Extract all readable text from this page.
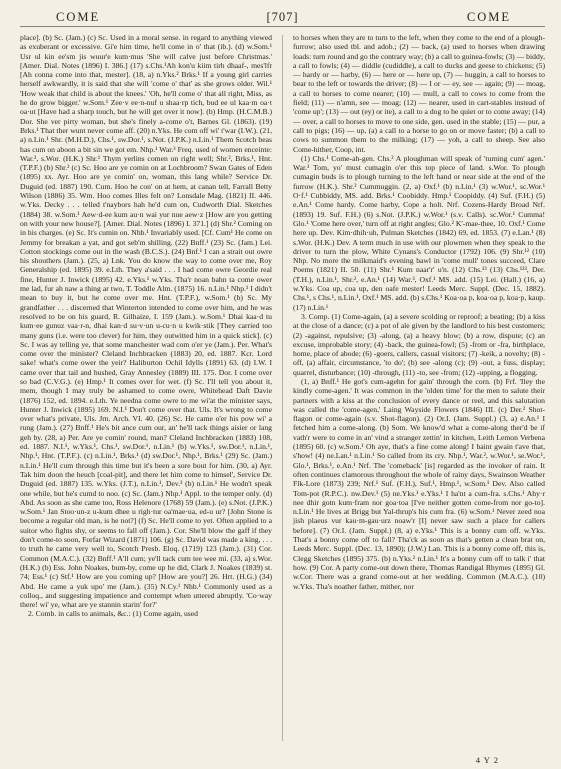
COME	[707]	COME

place]. (b) Sc. (Jam.) (c) Sc. Used in a moral sense. in regard to anything viewed as exuberant or excessive. Gi'e him time, he'll come in o' that (ib.). (d) w.Som.¹ Usr ul kin ee'sm jis wuur'e kum·mus 'She will calve just before Christmas.' [Amer. Dial. Notes (1896) I. 386.] (17) s.Chs.¹Ah kon'u kiim tirh dhaaf-, mes'lfr [Ah conna come into that, mester]. (18, a) n.Yks.² Brks.¹ If a young girl carries herself awkwardly, it is said that she will 'come o' that' as she grows older. Wil.¹ 'How weak that child is about the knees.' 'Oh, he'll come o' that all right, Miss, as he do grow bigger.' w.Som.¹ Zee·v ee·n-nuf u shaa·rp tich, bud ee ul kaa·m oa·t oa·ut [Have had a sharp touch, but he will get over it now]. (b) Hmp. (H.C.M.B.) Dor. She ver pirty woman, but she's finely a-come o't, Barnes Gl. (1863). (19) Brks.¹ That ther wunt never come aff. (20) n.Yks. He com off wi' t'war (I.W.). (21, a) n.Lin.¹ Shr. (M.H.D.), Chs.¹, sw.Dor.¹, s.Not. (J.P.K.) n.Lin.¹ Them Scotch beas has cum on aboon a bit sin we got em. Nhp.¹ War.³ Freq. used of women enceinte: War.³, s.Wor. (H.K.) Shr.¹ Thym yerlins comen on right well; Shr.², Brks.¹, Hnt. (T.P.F.) (b) Shr.² (c) Sc. Hoo are ye comin on at Lochbroom? Swan Gates of Eden (1895) xx. Ayr. Hoo are ye comin' on, woman, this lang while? Service Dr. Duguid (ed. 1887) 190. Cum. Hoo he con' on at hem, at canan tell, Farrall Betty Wilson (1886) 35. Wm. Hoo comes Illes felt on? Lonsdale Mag. (1821) II. 446. w.Yks. Decky . . . telled t'naybors hah he'd cum on, Cudworth Dial. Sketches (1884) 38. w.Som.¹ Aew·d-ee kum au·n wai yur nue aew·z [How are you getting on with your new house?]. [Amer. Dial. Notes (1896) I. 371.] (d) Shr.² Coming on in his charges. (e) Sc. It's cumin on. Nhb.¹ Invariably used. [Cf. Cum¹ He come on Jemmy for breakan a yat, and got seb'm shilling. (22) Bnff.¹ (23) Sc. (Jam.) Lei. Cotton stockings come out in the wash (B.C.S.). (24) Bnf.¹ I can a strait out owre his shouthers (Jam.). (25, a) Lnk. You do know the way to come over me, Roy Generalship (ed. 1895) 39. e.Lth. They a'said . . . I had come owre Geordie real fine, Hunter J. Inwick (1895) 42. e.Yks.¹ w.Yks. Tha'r noan bahn ta come ower me lad, fur ah naw a thing ar two, T. Toddle Alm. (1875) 16. n.Lin.¹ Nhp.¹ I didn't mean to buy it, but he come over me. Hnt. (T.P.F.), w.Som.¹ (b) Sc. My grandfather . . . discerned that Winterton intended to come over him, and he was resolved to be on his guard, R. Gilhaize, I. 159 (Jam.). w.Som.¹ Dhai kaa·d tu kum·ee gunuz vaa·r-n, dhai kan·d su·v·un u-cu·n u kwik·stik [They carried too many guns (i.e. were too clever) for him, they outwitted him in a quick stick]. (c) Sc. I was ay telling ye, that some manchester wad com o'er ye (Jam.). Per. What's come over the minister? Cleland Inchbracken (1883) 20, ed. 1887. Kcr. Lord sake! what's come ower the yeir? Haliburton Ochil Idylls (1891) 63. (d) I.W. I came over that tail and hushed, Gray Annesley (1889) III. 175. Dor. I come over so bad (C.V.G.). (e) Hmp.¹ It comes over for wet. (f) Sc. I'll tell you about it, mem, though I may truly be ashamed to come owre, Whitehead Daft Davie (1876) 152, ed. 1894. e.Lth. Ye needna come owre to me wi'at the minister says, Hunter J. Inwick (1895) 169. N.I.¹ Don't come over that. Uls. It's wrong to come over what's private, Uls. Jrn. Arch. VI. 40. (26) Sc. He came o'er his pow wi' a rung (Jam.). (27) Bnff.¹ He's bit ance cum our, an' he'll tack things aisier or lang geh by. (28, a) Per. Are ye comin' round, man? Cleland Inchbracken (1883) 108, ed. 1887. N.I.¹, w.Yks.¹, Chs.¹, sw.Dor.¹, n.Lin.¹ (b) w.Yks.¹, sw.Dor.¹, n.Lin.¹, Nhp.¹, Hnt. (T.P.F.). (c) n.Lin.¹, Brks.¹ (d) sw.Dor.¹, Nhp.¹, Brks.¹ (29) Sc. (Jam.) n.Lin.¹ He'll cum through this time but it's been a sore bout for him. (30, a) Ayr. Tak him doon the heuch [coal-pit], and there let him come to himsel', Service Dr. Duguid (ed. 1887) 135. w.Yks. (J.T.), n.Lin.¹, Dev.³ (b) n.Lin.¹ He wodn't speak one while, but he's cumd to noo. (c) Sc. (Jam.) Nhp.¹ Appl. to the temper only. (d) Abd. As soon as she came too, Ross Helenore (1768) 59 (Jam.). (e) s.Not. (J.P.K.) w.Som.¹ Jan Stoo·un-z u-kum dhee u righ·tur oa'mae·ua, ed-u ur? [John Stone is become a regular old man, is he not?] (f) Sc. He'll come to yet. Often applied to a suitor who fights shy, or seems to fall off (Jam.). Cor. She'll blow the gaff if they don't come-to soon, Forfar Wizard (1871) 106. (g) Sc. David was made a king, . . . to truth he came very well to, Scotch Presb. Eloq. (1719) 123 (Jam.). (31) Cor. Common (M.A.C.). (32) Bnff.¹ A'll cum; ye'll tack cum tee wee mi. (33, a) s.Wor. (H.K.) (b) Ess. John Noakes, bum-by, come up he did, Clark J. Noakes (1839) st. 74; Ess.¹ (c) Stf.¹ How are you coming up? [How are you?] 26. Hrt. (H.G.) (34) Abd. He came a yuk upo' me (Jam.). (35) N.Cy.¹ Nhb.¹ Commonly used as a colloq., and suggesting impatience and contempt when uttered abruptly. 'Co·way there! wi' ye, what are ye stannin starin' for?'

2. Comb. in calls to animals, &c.: (1) Come again, used

to horses when they are to turn to the left, when they come to the end of a plough-furrow; also used tbl. and adob.; (2) — back, (a) used to horses when drawing loads: turn round and go the contrary way; (b) a call to guinea-fowls; (3) — biddy, a call to fowls; (4) — diddle (cudiddle), a call to ducks and geese to chickens; (5) — hardy or — harby, (6) — here or — here up, (7) — huggin, a call to horses to bear to the left or towards the driver; (8) — I or — ey, see — again; (9) — moag, a call to horses to come nearer; (10) — mull, a call to cows to come from the field; (11) — n'amn, see — moag; (12) — nearer, used in cart-stables instead of 'come up'; (13) — out (ey) or ite), a call to a dog to be quiet or to come away; (14) — over, a call to horses to move to one side, gen. used in the stable; (15) — pur, a call to pigs; (16) — up, (a) a call to a horse to go on or move faster; (b) a call to cows to summon them to the milking; (17) — yoh, a call to sheep. See also Come-hither, Coop, int.

(1) Chs.¹ Come-ah-gen. Chs.² A ploughman will speak of 'turning cum' agen.' War.³ Tom, yo' must cumagin o'er this top piece of land. s.Wor. To plough cumagin buds is to plough turning to the left hand or near side at the end of the furrow (H.K.). Shr.² Cummuggin. (2, a) Oxf.¹ (b) n.Lin.¹ (3) w.Wor.¹, sc.Wor.¹ O·f.¹ Cubbiddy, MS. add. Brks.¹ Coobiddy. Hmp.¹ Coopiddy. (4) Suf. (F.H.) (5) e.An.¹ Come hardy. Come harby, Cope a holt. Nrf. Cozens-Hardy Broad Nrf. (1893) 19. Suf. F.H.) (6) s.Not. (J.P.K.) w.Wor.¹ (s.v. Calls). sc.Wor.¹ Cumma! Glo.¹ 'Come here over,' turn off at right angles; Glo.² K'-mae-thee, 10. Oxf.¹ Come here up. Dev. Kim·dhih·uh, Pulman Sketches (1842) 69, ed. 1853. (7) e.Lan.¹ (8) s.Wor. (H.K.) Dev. A term much in use with our plowmen when they speak to the driver to turn the plow, White Cynans's Conductor (1792) 106. (9) Shr.¹² (10) Nhp. No more the milkmaid's evening bawl in 'come mull' tones succeed, Clare Poems (1821) II. 50. (11) Shr.¹ Kum naar'r' u'n. (12) Chs.¹³ (13) Chs.¹²³, Der. (T.H.), n.Lin.¹, Shr.², e.An.¹ (14) War.³, Oxf.¹ MS. add. (15) Lei. (Hall.) (16, a) w.Yks. Coa up, coa up, den oafe mester! Leeds Merc. Suppl. (Dec. 15, 1882). Chs.¹, s Chs.¹, n.Lin.¹, Oxf.¹ MS. add. (b) s.Chs.¹ Koa·oa p, koa·oa p, koa·p, kaup. (17) n.Lin.¹

3. Comp. (1) Come-again, (a) a severe scolding or reproof; a beating; (b) a kiss at the close of a dance; (c) a pot of ale given by the landlord to his best customers; (2) -against, repulsive; (3) -along, (a) a heavy blow; (b) a row, dispute; (c) an excuse, improbable story; (4) -back, the guinea-fowl; (5) -from or -fra, birthplace, home, place of abode; (6) -goers, callers, casual visitors; (7) -keik, a novelty; (8) -off, (a) affair, circumstance, 'to do'; (b) see -along (c); (9) -out, a fuss, display; quarrel, disturbance; (10) -through, (11) -to, see -from; (12) -upping, a flogging.

(1, a) Bnff.¹ He got's cum-agehn for gain' through the corn. (b) Frf. 'Iley the kindly come-agen.' It was common in the 'olden time' for the men to salute their partners with a kiss at the conclusion of every dance or reel, and this salutation was called the 'come-agen,' Laing Wayside Flowers (1846) III. (c) Der.² Shot-flagon or come-again (s.v. Shot-flagon). (2) Or.I. (Jam. Suppl.) (3, a) e.An.¹ I fetched him a come-along. (b) Som. We know'd what a come-along ther'd be if vath'r were to come in an' vind a stranger zettin' in kitchen, Leith Lemon Verbena (1895) 60. (c) w.Som.¹ Oh aye, that's a fine come along! I baint gwain t'ave that, s'how! (4) ne.Lan.¹ n.Lin.¹ So called from its cry. Nhp.¹, War.², w.Wor.¹, se.Wor.¹, Glo.¹, Brks.¹, e.An.¹ Nrf. The 'comeback' [is] regarded as the invoker of rain. It often continues clamorous throughout the whole of rainy days, Swainson Weather Flk-Lore (1873) 239; Nrf.¹ Suf. (F.H.), Suf.¹, Hmp.¹, w.Som.¹ Dev. Also called Tom-pot (R.P.C.). nw.Dev.¹ (5) ne.Yks.¹ e.Yks.¹ I ha'nt a cum-fra. s.Chs.¹ Ahy·r nee dhir gotn kum·fram nor goa·toa [I've neither gotten come-from nor go-to]. n.Lin.¹ He lives at Brigg but Yal-thrup's his cum fra. (6) w.Som.¹ Never zeed noa jish plaeus vur kau·m-gau·urz noaw'r [I] never saw such a place for callers before]. (7) Or.I. (Jam. Suppl.) (8, a) e.Yks.¹ This is a bonny cum off. w.Yks. That's a bonny come off to fall? Tha'ck as soon as that's getten a clean brat on, Leeds Merc. Suppl. (Dec. 13, 1890); (J.W.) Lan. This is a bonny come off, this is, Clegg Sketches (1895) 375. (b) n.Yks.² n.Lin.¹ It's a bonny cum off to talk i' that how. (9) Cor. A party come-out down there, Thomas Randigal Rhymes (1895) Gl. w.Cor. There was a grand come-out at her wedding. Common (M.A.C.). (10) w.Yks. Tha's noather father, mither, nor

4 Y 2
